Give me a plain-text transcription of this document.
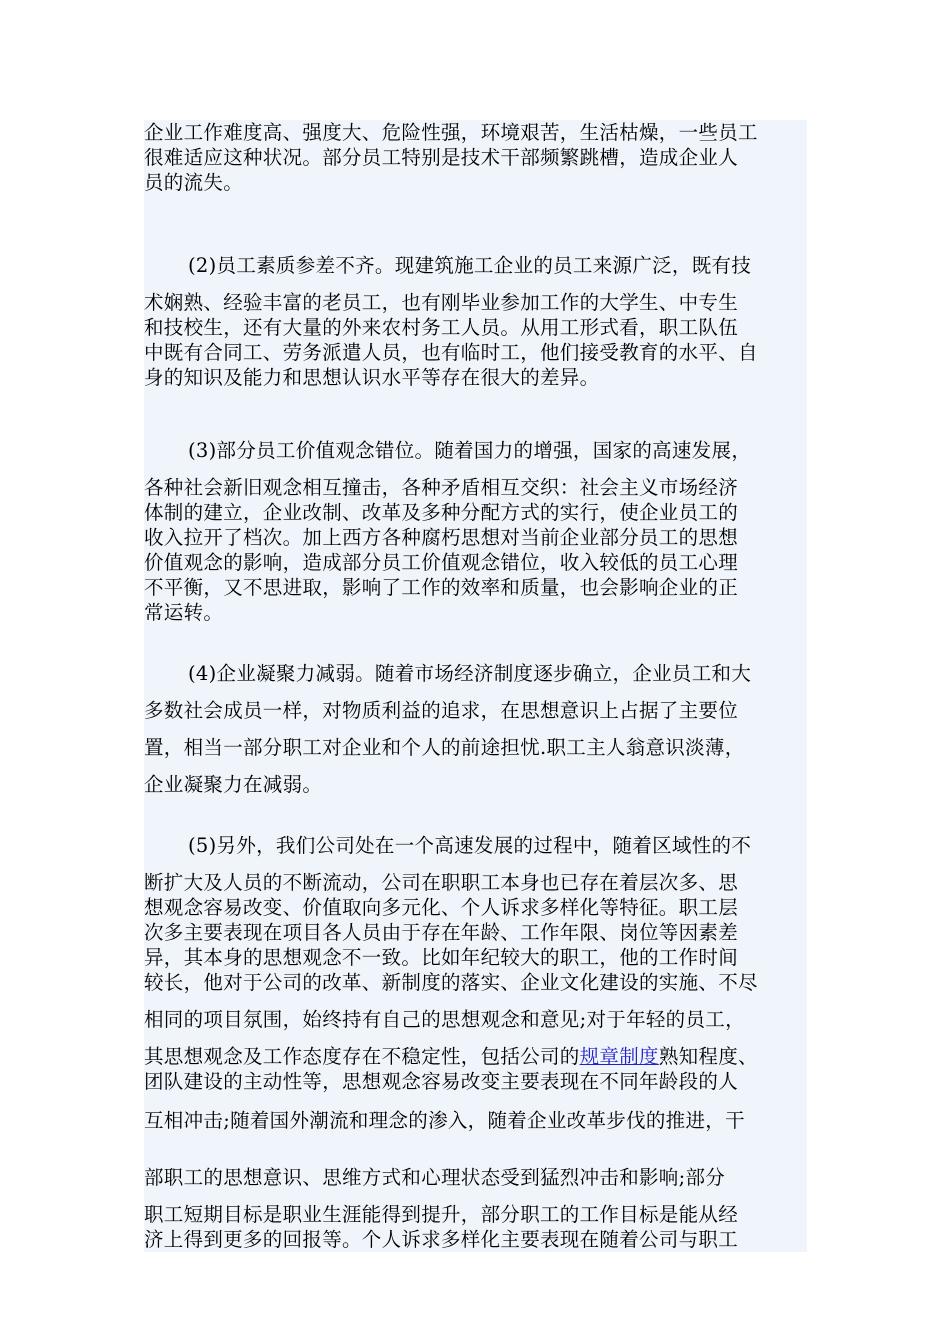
企业工作难度高、强度大、危险性强，环境艰苦，生活枯燥，一些员工
很难适应这种状况。部分员工特别是技术干部频繁跳槽，造成企业人
员的流失。
(2)员工素质参差不齐。现建筑施工企业的员工来源广泛，既有技
术娴熟、经验丰富的老员工，也有刚毕业参加工作的大学生、中专生
和技校生，还有大量的外来农村务工人员。从用工形式看，职工队伍
中既有合同工、劳务派遣人员，也有临时工，他们接受教育的水平、自
身的知识及能力和思想认识水平等存在很大的差异。
(3)部分员工价值观念错位。随着国力的增强，国家的高速发展，
各种社会新旧观念相互撞击，各种矛盾相互交织：社会主义市场经济
体制的建立，企业改制、改革及多种分配方式的实行，使企业员工的
收入拉开了档次。加上西方各种腐朽思想对当前企业部分员工的思想
价值观念的影响，造成部分员工价值观念错位，收入较低的员工心理
不平衡，又不思进取，影响了工作的效率和质量，也会影响企业的正
常运转。
(4)企业凝聚力减弱。随着市场经济制度逐步确立，企业员工和大
多数社会成员一样，对物质利益的追求，在思想意识上占据了主要位
置，相当一部分职工对企业和个人的前途担忧.职工主人翁意识淡薄，
企业凝聚力在减弱。
(5)另外，我们公司处在一个高速发展的过程中，随着区域性的不
断扩大及人员的不断流动，公司在职职工本身也已存在着层次多、思
想观念容易改变、价值取向多元化、个人诉求多样化等特征。职工层
次多主要表现在项目各人员由于存在年龄、工作年限、岗位等因素差
异，其本身的思想观念不一致。比如年纪较大的职工，他的工作时间
较长，他对于公司的改革、新制度的落实、企业文化建设的实施、不尽
相同的项目氛围，始终持有自己的思想观念和意见;对于年轻的员工，
其思想观念及工作态度存在不稳定性，包括公司的规章制度熟知程度、
团队建设的主动性等，思想观念容易改变主要表现在不同年龄段的人
互相冲击;随着国外潮流和理念的渗入，随着企业改革步伐的推进，干
部职工的思想意识、思维方式和心理状态受到猛烈冲击和影响;部分
职工短期目标是职业生涯能得到提升，部分职工的工作目标是能从经
济上得到更多的回报等。个人诉求多样化主要表现在随着公司与职工
